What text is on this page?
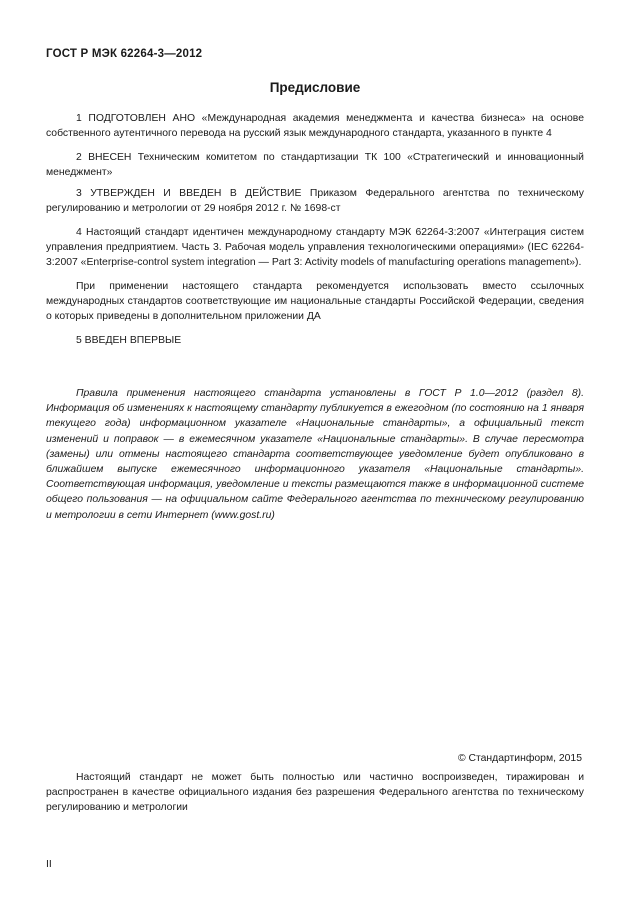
ГОСТ Р МЭК 62264-3—2012
Предисловие

1 ПОДГОТОВЛЕН АНО «Международная академия менеджмента и качества бизнеса» на основе собственного аутентичного перевода на русский язык международного стандарта, указанного в пункте 4

2 ВНЕСЕН Техническим комитетом по стандартизации ТК 100 «Стратегический и инновационный менеджмент»

3 УТВЕРЖДЕН И ВВЕДЕН В ДЕЙСТВИЕ Приказом Федерального агентства по техническому регулированию и метрологии от 29 ноября 2012 г. № 1698-ст

4 Настоящий стандарт идентичен международному стандарту МЭК 62264-3:2007 «Интеграция систем управления предприятием. Часть 3. Рабочая модель управления технологическими операциями» (IEC 62264-3:2007 «Enterprise-control system integration — Part 3: Activity models of manufacturing operations management»).

При применении настоящего стандарта рекомендуется использовать вместо ссылочных международных стандартов соответствующие им национальные стандарты Российской Федерации, сведения о которых приведены в дополнительном приложении ДА

5 ВВЕДЕН ВПЕРВЫЕ

Правила применения настоящего стандарта установлены в ГОСТ Р 1.0—2012 (раздел 8). Информация об изменениях к настоящему стандарту публикуется в ежегодном (по состоянию на 1 января текущего года) информационном указателе «Национальные стандарты», а официальный текст изменений и поправок — в ежемесячном указателе «Национальные стандарты». В случае пересмотра (замены) или отмены настоящего стандарта соответствующее уведомление будет опубликовано в ближайшем выпуске ежемесячного информационного указателя «Национальные стандарты». Соответствующая информация, уведомление и тексты размещаются также в информационной системе общего пользования — на официальном сайте Федерального агентства по техническому регулированию и метрологии в сети Интернет (www.gost.ru)

© Стандартинформ, 2015

Настоящий стандарт не может быть полностью или частично воспроизведен, тиражирован и распространен в качестве официального издания без разрешения Федерального агентства по техническому регулированию и метрологии

II
